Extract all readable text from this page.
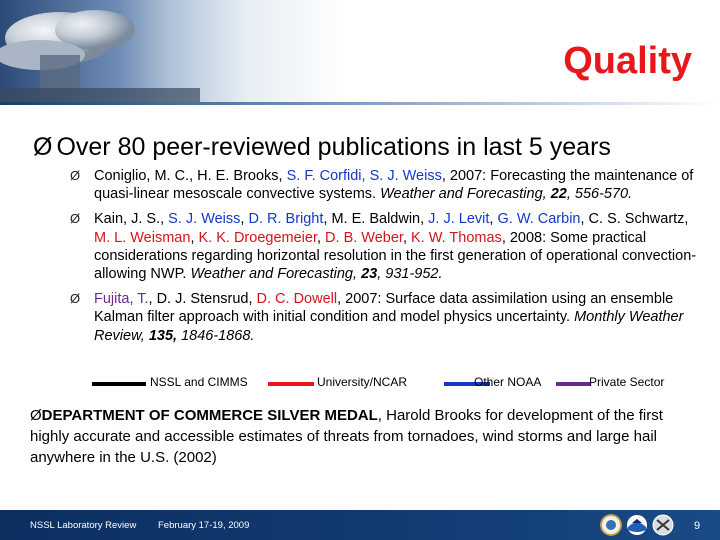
Quality
Ø Over 80 peer-reviewed publications in last 5 years
Ø Coniglio, M. C., H. E. Brooks, S. F. Corfidi, S. J. Weiss, 2007: Forecasting the maintenance of quasi-linear mesoscale convective systems. Weather and Forecasting, 22, 556-570.
Ø Kain, J. S., S. J. Weiss, D. R. Bright, M. E. Baldwin, J. J. Levit, G. W. Carbin, C. S. Schwartz, M. L. Weisman, K. K. Droegemeier, D. B. Weber, K. W. Thomas, 2008: Some practical considerations regarding horizontal resolution in the first generation of operational convection-allowing NWP. Weather and Forecasting, 23, 931-952.
Ø Fujita, T., D. J. Stensrud, D. C. Dowell, 2007: Surface data assimilation using an ensemble Kalman filter approach with initial condition and model physics uncertainty. Monthly Weather Review, 135, 1846-1868.
NSSL and CIMMS	University/NCAR	Other NOAA	Private Sector
ØDEPARTMENT OF COMMERCE SILVER MEDAL, Harold Brooks for development of the first highly accurate and accessible estimates of threats from tornadoes, wind storms and large hail anywhere in the U.S. (2002)
NSSL Laboratory Review February 17-19, 2009	9
